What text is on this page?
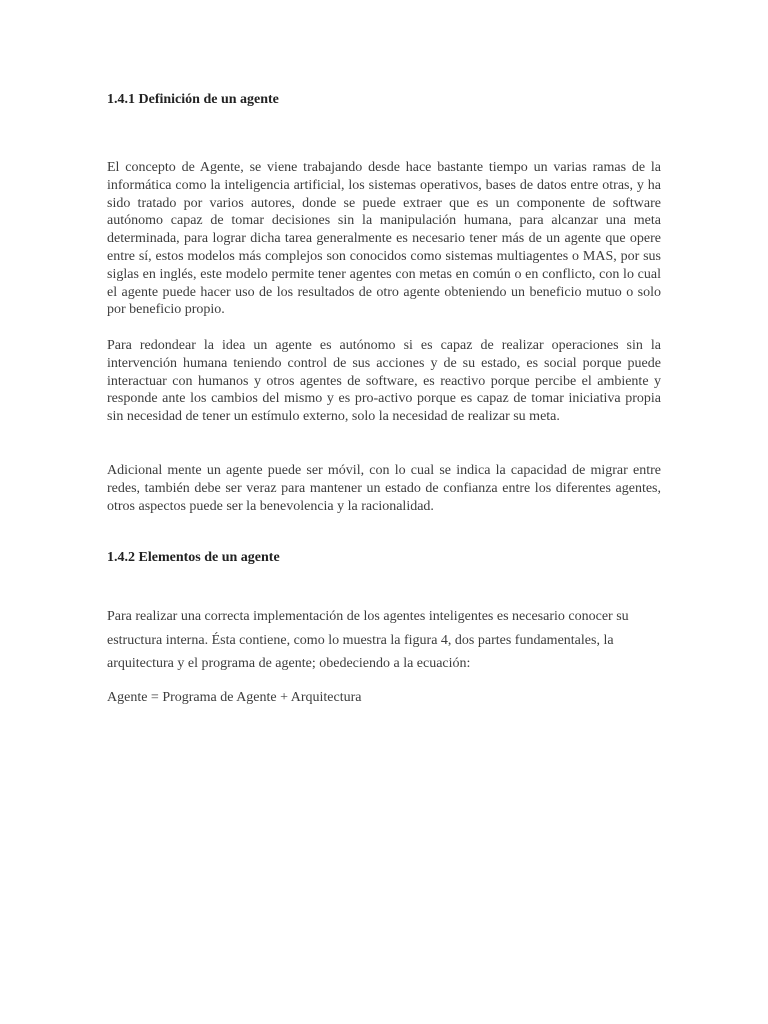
1.4.1 Definición de un agente

El concepto de Agente, se viene trabajando desde hace bastante tiempo un varias ramas de la informática como la inteligencia artificial, los sistemas operativos, bases de datos entre otras, y ha sido tratado por varios autores, donde se puede extraer que es un componente de software autónomo capaz de tomar decisiones sin la manipulación humana, para alcanzar una meta determinada, para lograr dicha tarea generalmente es necesario tener más de un agente que opere entre sí, estos modelos más complejos son conocidos como sistemas multiagentes o MAS, por sus siglas en inglés, este modelo permite tener agentes con metas en común o en conflicto, con lo cual el agente puede hacer uso de los resultados de otro agente obteniendo un beneficio mutuo o solo por beneficio propio.

Para redondear la idea un agente es autónomo si es capaz de realizar operaciones sin la intervención humana teniendo control de sus acciones y de su estado, es social porque puede interactuar con humanos y otros agentes de software, es reactivo porque percibe el ambiente y responde ante los cambios del mismo y es pro-activo porque es capaz de tomar iniciativa propia sin necesidad de tener un estímulo externo, solo la necesidad de realizar su meta.

Adicional mente un agente puede ser móvil, con lo cual se indica la capacidad de migrar entre redes, también debe ser veraz para mantener un estado de confianza entre los diferentes agentes, otros aspectos puede ser la benevolencia y la racionalidad.

1.4.2 Elementos de un agente

Para realizar una correcta implementación de los agentes inteligentes es necesario conocer su estructura interna. Ésta contiene, como lo muestra la figura 4, dos partes fundamentales, la arquitectura y el programa de agente; obedeciendo a la ecuación:

Agente = Programa de Agente + Arquitectura
